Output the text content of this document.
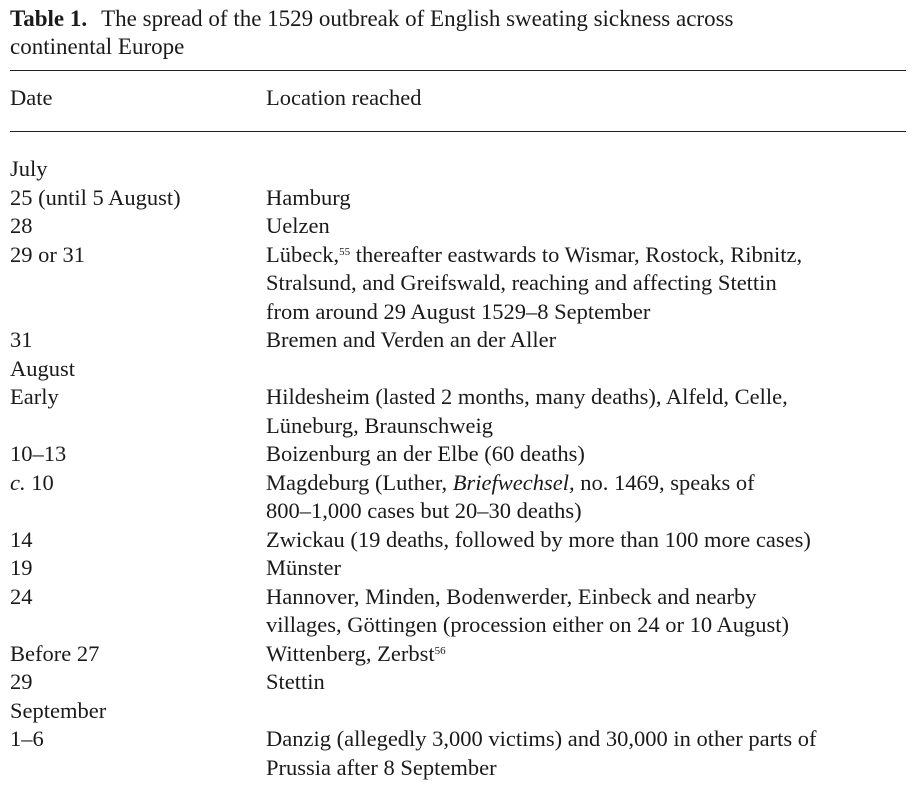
Table 1. The spread of the 1529 outbreak of English sweating sickness across
continental Europe
Date	Location reached
July
25 (until 5 August)	Hamburg
28	Uelzen
29 or 31	Lübeck,$^{55}$ thereafter eastwards to Wismar, Rostock, Ribnitz,
Stralsund, and Greifswald, reaching and affecting Stettin
from around 29 August 1529–8 September
31	Bremen and Verden an der Aller
August
Early	Hildesheim (lasted 2 months, many deaths), Alfeld, Celle,
Lüneburg, Braunschweig
10–13	Boizenburg an der Elbe (60 deaths)
c. 10	Magdeburg (Luther, Briefwechsel, no. 1469, speaks of
800–1,000 cases but 20–30 deaths)
14	Zwickau (19 deaths, followed by more than 100 more cases)
19	Münster
24	Hannover, Minden, Bodenwerder, Einbeck and nearby
villages, Göttingen (procession either on 24 or 10 August)
Before 27	Wittenberg, Zerbst$^{56}$
29	Stettin
September
1–6	Danzig (allegedly 3,000 victims) and 30,000 in other parts of
Prussia after 8 September
